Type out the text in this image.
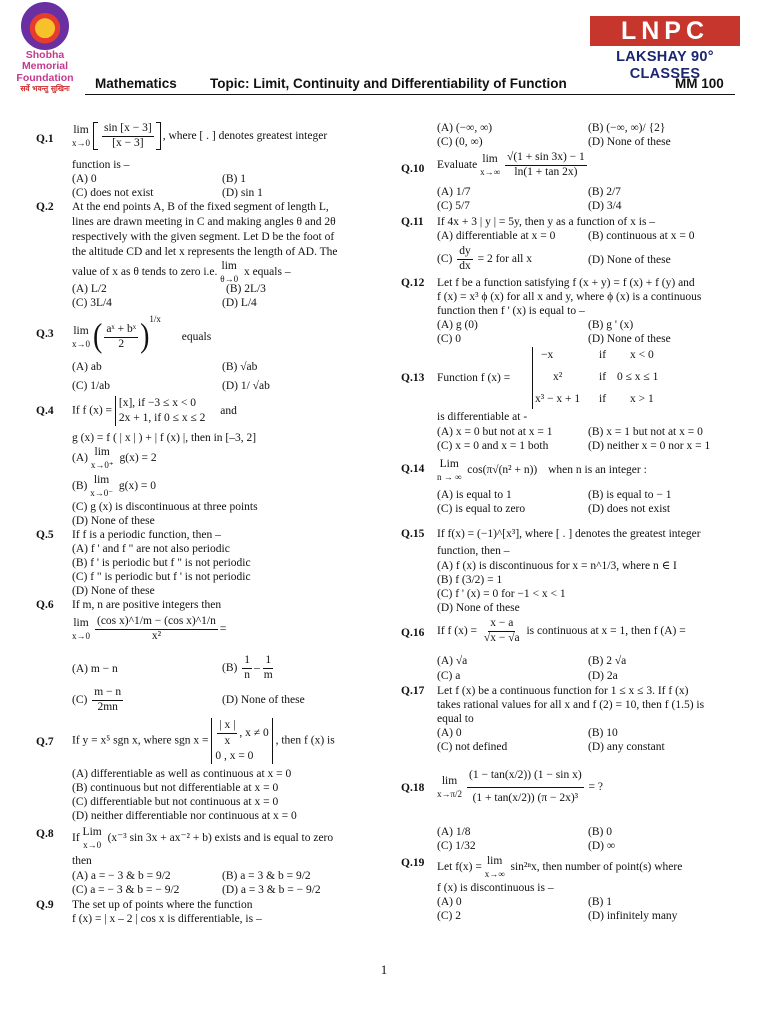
Shobha
Memorial
Foundation
सर्वे भवन्तु सुखिनः
LNPC
LAKSHAY 90° CLASSES
Mathematics Topic: Limit, Continuity and Differentiability of Function	MM 100
Q.1
lim
$x\to 0 \frac{\sin [x - 3]}{[x - 3]}$ , where [ . ] denotes greatest integer
function is –
(A) 0	(B) 1
(C) does not exist	(D) sin 1
Q.2 At the end points A, B of the fixed segment of length L,
lines are drawn meeting in C and making angles θ and 2θ
respectively with the given segment. Let D be the foot of
the altitude CD and let x represents the length of AD. The
value of x as θ tends to zero i.e. lim
θ→0
x equals –
(A) L/2	(B) 2L/3
(C) 3L/4	(D) L/4
Q.3 lim
x→0 ( $\frac{\text{aˣ + bˣ}}{2} )^{1/x}$ equals
(A) ab	(B) √ab
(C) 1/ab	(D) 1/ √ab
Q.4 If f (x) =
[x], if −3 ≤ x < 0
2x + 1, if 0 ≤ x ≤ 2
and
g (x) = f ( | x | ) + | f (x) |, then in [–3, 2]
(A) lim
x→0⁺
g(x) = 2
(B) lim
x→0⁻
g(x) = 0
(C) g (x) is discontinuous at three points
(D) None of these
Q.5 If f is a periodic function, then –
(A) f ' and f " are not also periodic
(B) f ' is periodic but f " is not periodic
(C) f " is periodic but f ' is not periodic
(D) None of these
Q.6 If m, n are positive integers then
lim
$x\to 0 \frac{\text{(cos x)\textasciicircum{}1/m − (cos x)\textasciicircum{}1/n}}{\text{x²}}$ =
(A) m − n	$(B) \frac{1}{n} - \frac{1}{m}$
$(C) \frac{m - n}{2mn}$	(D) None of these
Q.7 If y = x⁵ sgn x, where sgn $x = \frac{| x |}{x}$ , x ≠ 0
0 , x = 0
, then f (x) is
(A) differentiable as well as continuous at x = 0
(B) continuous but not differentiable at x = 0
(C) differentiable but not continuous at x = 0
(D) neither differentiable nor continuous at x = 0
Q.8 If Lim
x→0
(x⁻³ sin 3x + ax⁻² + b) exists and is equal to zero
then
(A) a = − 3 & b = 9/2	(B) a = 3 & b = 9/2
(C) a = − 3 & b = − 9/2	(D) a = 3 & b = − 9/2
Q.9 The set up of points where the function
f (x) = | x – 2 | cos x is differentiable, is –
(A) (−∞, ∞)	(B) (−∞, ∞)/ {2}
(C) (0, ∞)	(D) None of these
Q.10 Evaluate lim
$x\to\infty \frac{√(1 + \sin 3x) - 1}{\ln(1 + \tan 2x)}$
(A) 1/7	(B) 2/7
(C) 5/7	(D) 3/4
Q.11 If 4x + 3 | y | = 5y, then y as a function of x is –
(A) differentiable at x = 0	(B) continuous at x = 0
$(C) \frac{dy}{dx} = 2$ for all x	(D) None of these
Q.12 Let f be a function satisfying f (x + y) = f (x) + f (y) and
f (x) = x³ ϕ (x) for all x and y, where ϕ (x) is a continuous
function then f ' (x) is equal to –
(A) g (0)	(B) g ' (x)
(C) 0	(D) None of these
Q.13 Function f (x) =
−x	if x < 0
x²	if 0 ≤ x ≤ 1
x³ − x + 1 if x > 1
is differentiable at -
(A) x = 0 but not at x = 1	(B) x = 1 but not at x = 0
(C) x = 0 and x = 1 both	(D) neither x = 0 nor x = 1
Q.14 Lim
n → ∞
cos(π√(n² + n)) when n is an integer :
(A) is equal to 1	(B) is equal to − 1
(C) is equal to zero	(D) does not exist
Q.15 If f(x) = (−1)^[x³], where [ . ] denotes the greatest integer
function, then –
(A) f (x) is discontinuous for x = n^1/3, where n ∈ I
(B) f (3/2) = 1
(C) f ' (x) = 0 for −1 < x < 1
(D) None of these
Q.16 If f $(x) = \frac{x - a}{√x - √a}$ is continuous at x = 1, then f (A) =
(A) √a	(B) 2 √a
(C) a	(D) 2a
Q.17 Let f (x) be a continuous function for 1 ≤ x ≤ 3. If f (x)
takes rational values for all x and f (2) = 10, then f (1.5) is
equal to
(A) 0	(B) 10
(C) not defined	(D) any constant
Q.18
lim
$x\to\pi/2 \frac{\text{(1 − tan(x/2)) (1 − sin x)}}{\text{(1 + tan(x/2)) (π − 2x)³}}$ = ?
(A) 1/8	(B) 0
(C) 1/32	(D) ∞
Q.19 Let f(x) = lim
x→∞
sin²ⁿx, then number of point(s) where
f (x) is discontinuous is –
(A) 0	(B) 1
(C) 2	(D) infinitely many
1
